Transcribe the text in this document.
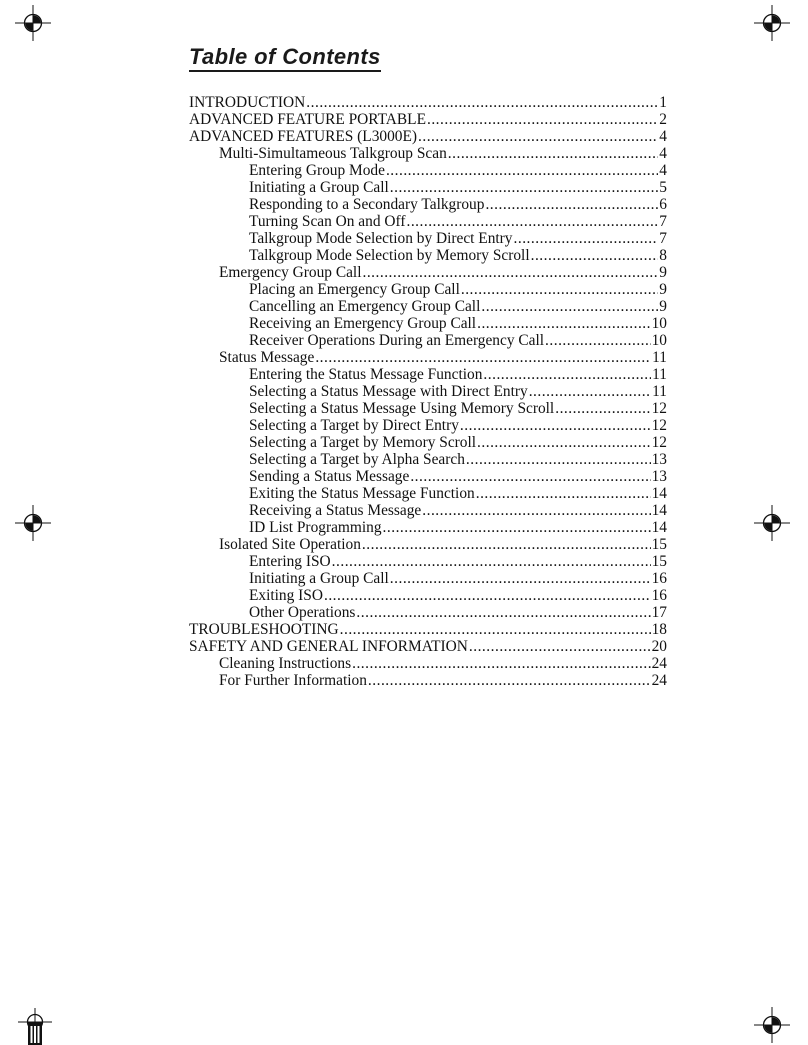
Table of Contents
INTRODUCTION .....	1
ADVANCED FEATURE PORTABLE .....	2
ADVANCED FEATURES (L3000E) .....	4
Multi-Simultameous Talkgroup Scan .....	4
Entering Group Mode .....	4
Initiating a Group Call .....	5
Responding to a Secondary Talkgroup .....	6
Turning Scan On and Off .....	7
Talkgroup Mode Selection by Direct Entry .....	7
Talkgroup Mode Selection by Memory Scroll .....	8
Emergency Group Call .....	9
Placing an Emergency Group Call .....	9
Cancelling an Emergency Group Call .....	9
Receiving an Emergency Group Call .....	10
Receiver Operations During an Emergency Call .....	10
Status Message .....	11
Entering the Status Message Function .....	11
Selecting a Status Message with Direct Entry .....	11
Selecting a Status Message Using Memory Scroll .....	12
Selecting a Target by Direct Entry .....	12
Selecting a Target by Memory Scroll .....	12
Selecting a Target by Alpha Search .....	13
Sending a Status Message .....	13
Exiting the Status Message Function .....	14
Receiving a Status Message .....	14
ID List Programming .....	14
Isolated Site Operation .....	15
Entering ISO .....	15
Initiating a Group Call .....	16
Exiting ISO .....	16
Other Operations .....	17
TROUBLESHOOTING .....	18
SAFETY AND GENERAL INFORMATION .....	20
Cleaning Instructions .....	24
For Further Information .....	24
